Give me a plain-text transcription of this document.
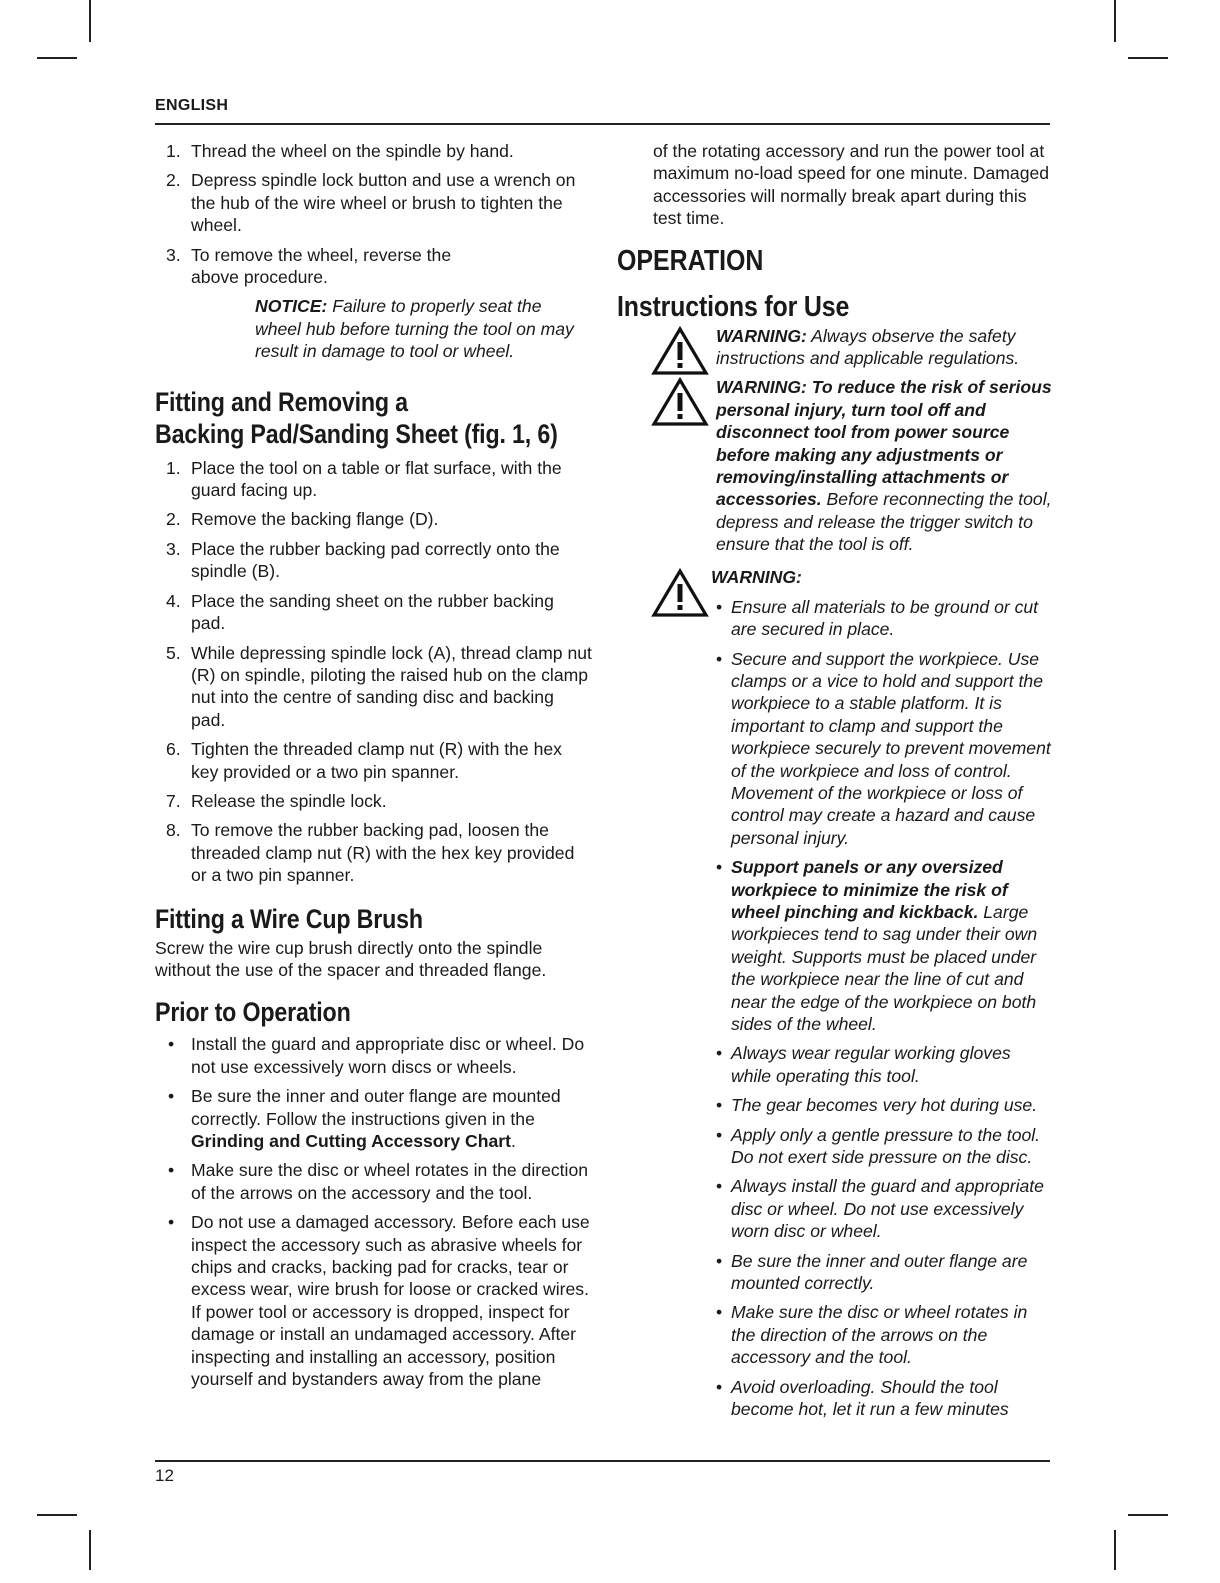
ENGLISH
12
1. Thread the wheel on the spindle by hand.
2. Depress spindle lock button and use a wrench on the hub of the wire wheel or brush to tighten the wheel.
3. To remove the wheel, reverse the above procedure.
NOTICE: Failure to properly seat the wheel hub before turning the tool on may result in damage to tool or wheel.
Fitting and Removing a
Backing Pad/Sanding Sheet (fig. 1, 6)
1. Place the tool on a table or flat surface, with the guard facing up.
2. Remove the backing flange (D).
3. Place the rubber backing pad correctly onto the spindle (B).
4. Place the sanding sheet on the rubber backing pad.
5. While depressing spindle lock (A), thread clamp nut (R) on spindle, piloting the raised hub on the clamp nut into the centre of sanding disc and backing pad.
6. Tighten the threaded clamp nut (R) with the hex key provided or a two pin spanner.
7. Release the spindle lock.
8. To remove the rubber backing pad, loosen the threaded clamp nut (R) with the hex key provided or a two pin spanner.
Fitting a Wire Cup Brush
Screw the wire cup brush directly onto the spindle without the use of the spacer and threaded flange.
Prior to Operation
• Install the guard and appropriate disc or wheel. Do not use excessively worn discs or wheels.
• Be sure the inner and outer flange are mounted correctly. Follow the instructions given in the Grinding and Cutting Accessory Chart.
• Make sure the disc or wheel rotates in the direction of the arrows on the accessory and the tool.
• Do not use a damaged accessory. Before each use inspect the accessory such as abrasive wheels for chips and cracks, backing pad for cracks, tear or excess wear, wire brush for loose or cracked wires. If power tool or accessory is dropped, inspect for damage or install an undamaged accessory. After inspecting and installing an accessory, position yourself and bystanders away from the plane
of the rotating accessory and run the power tool at maximum no-load speed for one minute. Damaged accessories will normally break apart during this test time.
OPERATION
Instructions for Use
WARNING: Always observe the safety instructions and applicable regulations.
WARNING: To reduce the risk of serious personal injury, turn tool off and disconnect tool from power source before making any adjustments or removing/installing attachments or accessories. Before reconnecting the tool, depress and release the trigger switch to ensure that the tool is off.
WARNING:
• Ensure all materials to be ground or cut are secured in place.
• Secure and support the workpiece. Use clamps or a vice to hold and support the workpiece to a stable platform. It is important to clamp and support the workpiece securely to prevent movement of the workpiece and loss of control. Movement of the workpiece or loss of control may create a hazard and cause personal injury.
• Support panels or any oversized workpiece to minimize the risk of wheel pinching and kickback. Large workpieces tend to sag under their own weight. Supports must be placed under the workpiece near the line of cut and near the edge of the workpiece on both sides of the wheel.
• Always wear regular working gloves while operating this tool.
• The gear becomes very hot during use.
• Apply only a gentle pressure to the tool. Do not exert side pressure on the disc.
• Always install the guard and appropriate disc or wheel. Do not use excessively worn disc or wheel.
• Be sure the inner and outer flange are mounted correctly.
• Make sure the disc or wheel rotates in the direction of the arrows on the accessory and the tool.
• Avoid overloading. Should the tool become hot, let it run a few minutes
